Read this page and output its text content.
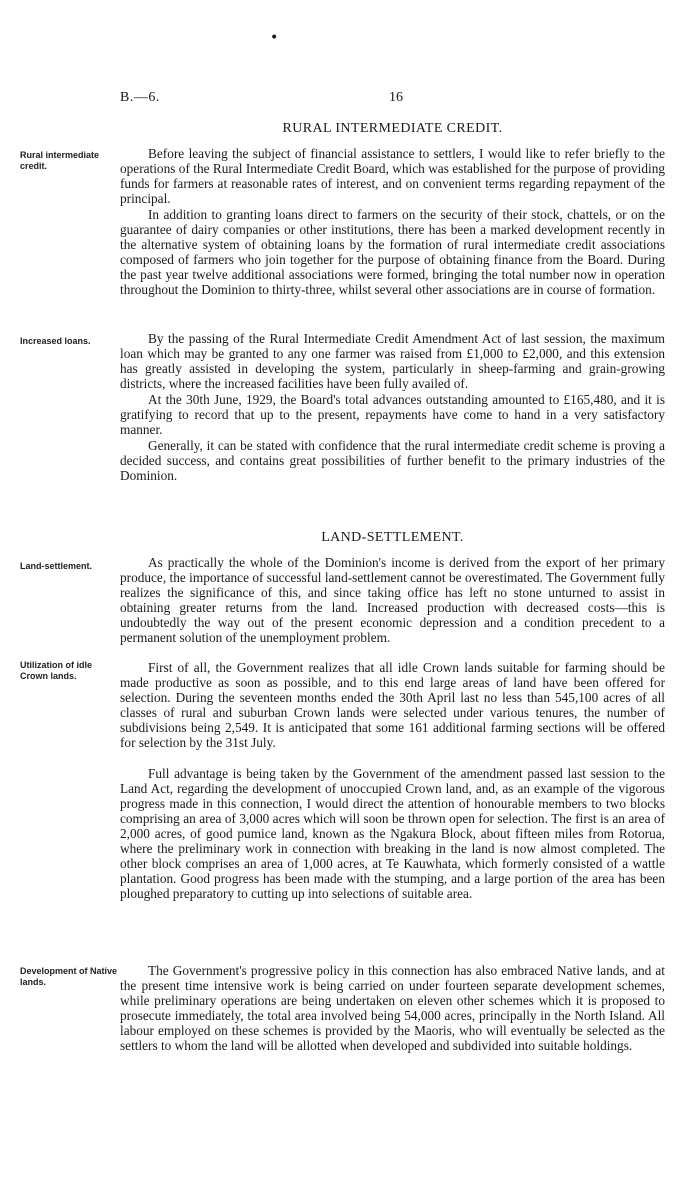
•
B.—6.	16
RURAL INTERMEDIATE CREDIT.
Rural intermediate credit.

Before leaving the subject of financial assistance to settlers, I would like to refer briefly to the operations of the Rural Intermediate Credit Board, which was established for the purpose of providing funds for farmers at reasonable rates of interest, and on convenient terms regarding repayment of the principal.

In addition to granting loans direct to farmers on the security of their stock, chattels, or on the guarantee of dairy companies or other institutions, there has been a marked development recently in the alternative system of obtaining loans by the formation of rural intermediate credit associations composed of farmers who join together for the purpose of obtaining finance from the Board. During the past year twelve additional associations were formed, bringing the total number now in operation throughout the Dominion to thirty-three, whilst several other associations are in course of formation.

Increased loans.	By the passing of the Rural Intermediate Credit Amendment Act of last session, the maximum loan which may be granted to any one farmer was raised from £1,000 to £2,000, and this extension has greatly assisted in developing the system, particularly in sheep-farming and grain-growing districts, where the increased facilities have been fully availed of.

At the 30th June, 1929, the Board's total advances outstanding amounted to £165,480, and it is gratifying to record that up to the present, repayments have come to hand in a very satisfactory manner.

Generally, it can be stated with confidence that the rural intermediate credit scheme is proving a decided success, and contains great possibilities of further benefit to the primary industries of the Dominion.

LAND-SETTLEMENT.
Land-settlement.	As practically the whole of the Dominion's income is derived from the export of her primary produce, the importance of successful land-settlement cannot be overestimated. The Government fully realizes the significance of this, and since taking office has left no stone unturned to assist in obtaining greater returns from the land. Increased production with decreased costs—this is undoubtedly the way out of the present economic depression and a condition precedent to a permanent solution of the unemployment problem.

Utilization of idle Crown lands.

First of all, the Government realizes that all idle Crown lands suitable for farming should be made productive as soon as possible, and to this end large areas of land have been offered for selection. During the seventeen months ended the 30th April last no less than 545,100 acres of all classes of rural and suburban Crown lands were selected under various tenures, the number of subdivisions being 2,549. It is anticipated that some 161 additional farming sections will be offered for selection by the 31st July.

Full advantage is being taken by the Government of the amendment passed last session to the Land Act, regarding the development of unoccupied Crown land, and, as an example of the vigorous progress made in this connection, I would direct the attention of honourable members to two blocks comprising an area of 3,000 acres which will soon be thrown open for selection. The first is an area of 2,000 acres, of good pumice land, known as the Ngakura Block, about fifteen miles from Rotorua, where the preliminary work in connection with breaking in the land is now almost completed. The other block comprises an area of 1,000 acres, at Te Kauwhata, which formerly consisted of a wattle plantation. Good progress has been made with the stumping, and a large portion of the area has been ploughed preparatory to cutting up into selections of suitable area.

Development of Native lands.

The Government's progressive policy in this connection has also embraced Native lands, and at the present time intensive work is being carried on under fourteen separate development schemes, while preliminary operations are being undertaken on eleven other schemes which it is proposed to prosecute immediately, the total area involved being 54,000 acres, principally in the North Island. All labour employed on these schemes is provided by the Maoris, who will eventually be selected as the settlers to whom the land will be allotted when developed and subdivided into suitable holdings.
